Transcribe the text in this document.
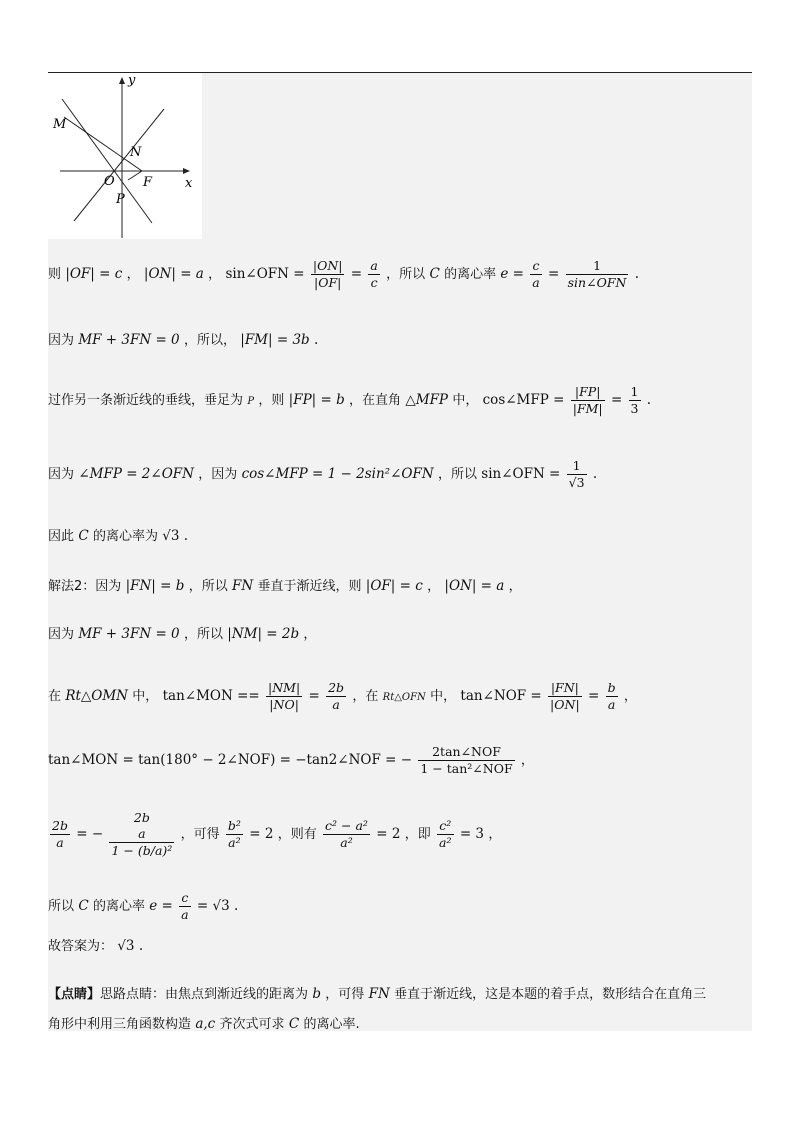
y
x
M
N
O F
P
则 |OF| = c ， |ON| = a ， sin∠OFN = $\frac{|ON|}{|OF|} = \frac{a}{c}$ ，所以 C 的离心率 $e = \frac{c}{a} = \frac{1}{\text{sin∠OFN}}$ .
因为 MF + 3FN = 0 ，所以， |FM| = 3b .
过作另一条渐近线的垂线，垂足为 P ，则 |FP| = b ，在直角 △MFP 中， cos∠MFP = $\frac{|FP|}{|FM|} = \frac{1}{3}$ .
因为 ∠MFP = 2∠OFN ，因为 cos∠MFP = 1 − 2sin²∠OFN ，所以 sin∠OFN = $\frac{1}{√3}$ .
因此 C 的离心率为 √3 .
解法2：因为 |FN| = b ，所以 FN 垂直于渐近线，则 |OF| = c ， |ON| = a ，
因为 MF + 3FN = 0 ，所以 |NM| = 2b ，
在 Rt△OMN 中， tan∠MON == $\frac{|NM|}{|NO|} = \frac{2b}{a}$ ，在 Rt△OFN 中， tan∠NOF = $\frac{|FN|}{|ON|} = \frac{b}{a}$ ，
tan∠MON = tan(180° − 2∠NOF) = −tan2∠NOF = − $\frac{\text{2tan∠NOF}}{\text{1 − tan²∠NOF}}$ ，
$\frac{2b}{a}$ = −
2b
a
1 − (b/a)²
，可得 $\frac{\text{b²}}{\text{a²}} = 2$ ，则有 $\frac{\text{c² − a²}}{\text{a²}} = 2$ ，即 $\frac{\text{c²}}{\text{a²}} = 3$ ，
所以 C 的离心率 $e = \frac{c}{a} = √3$ .
故答案为： √3 .
【点睛】思路点睛：由焦点到渐近线的距离为 b ，可得 FN 垂直于渐近线，这是本题的着手点，数形结合在直角三
角形中利用三角函数构造 a,c 齐次式可求 C 的离心率.
